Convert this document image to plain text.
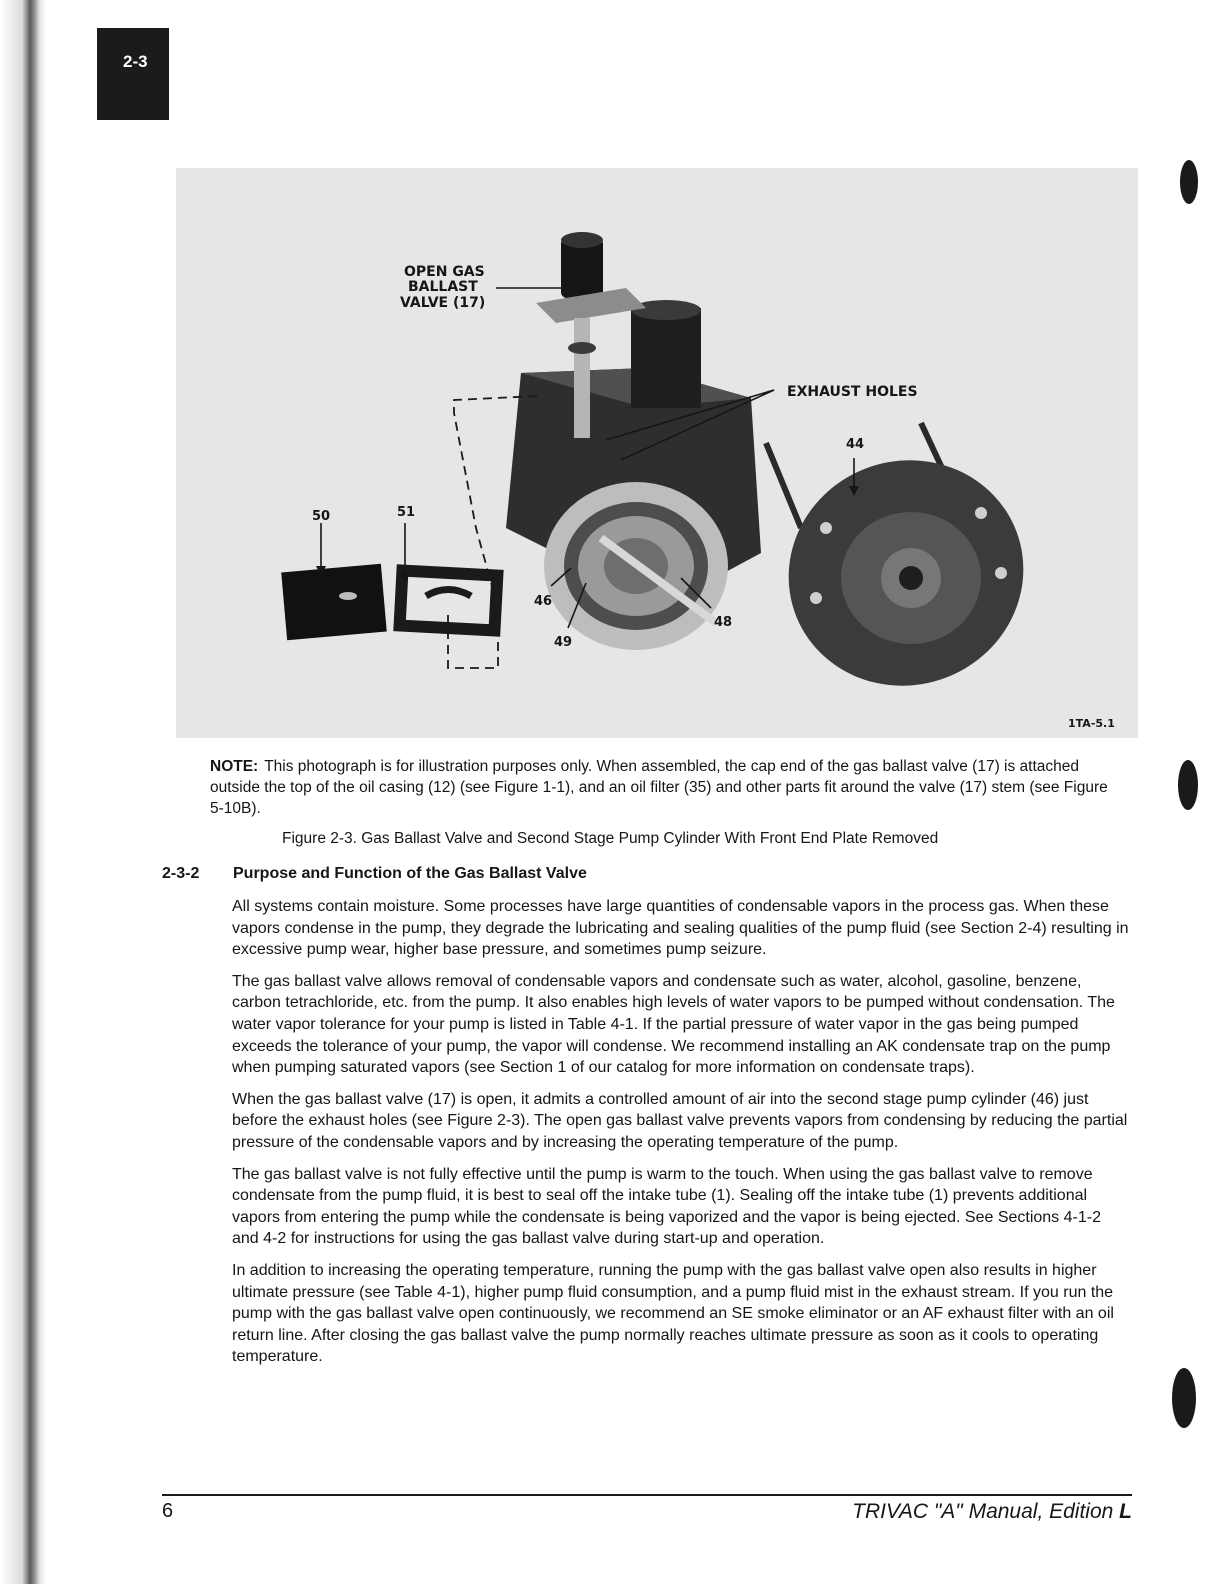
2-3
OPEN GAS
BALLAST
VALVE (17)
EXHAUST HOLES
44
50	51
46
48
49
1TA-5.1
NOTE: This photograph is for illustration purposes only. When assembled, the cap end of the gas ballast valve (17) is attached outside the top of the oil casing (12) (see Figure 1-1), and an oil filter (35) and other parts fit around the valve (17) stem (see Figure 5-10B).
Figure 2-3. Gas Ballast Valve and Second Stage Pump Cylinder With Front End Plate Removed
2-3-2 Purpose and Function of the Gas Ballast Valve

All systems contain moisture. Some processes have large quantities of condensable vapors in the process gas. When these vapors condense in the pump, they degrade the lubricating and sealing qualities of the pump fluid (see Section 2-4) resulting in excessive pump wear, higher base pressure, and sometimes pump seizure.

The gas ballast valve allows removal of condensable vapors and condensate such as water, alcohol, gasoline, benzene, carbon tetrachloride, etc. from the pump. It also enables high levels of water vapors to be pumped without condensation. The water vapor tolerance for your pump is listed in Table 4-1. If the partial pressure of water vapor in the gas being pumped exceeds the tolerance of your pump, the vapor will condense. We recommend installing an AK condensate trap on the pump when pumping saturated vapors (see Section 1 of our catalog for more information on condensate traps).

When the gas ballast valve (17) is open, it admits a controlled amount of air into the second stage pump cylinder (46) just before the exhaust holes (see Figure 2-3). The open gas ballast valve prevents vapors from condensing by reducing the partial pressure of the condensable vapors and by increasing the operating temperature of the pump.

The gas ballast valve is not fully effective until the pump is warm to the touch. When using the gas ballast valve to remove condensate from the pump fluid, it is best to seal off the intake tube (1). Sealing off the intake tube (1) prevents additional vapors from entering the pump while the condensate is being vaporized and the vapor is being ejected. See Sections 4-1-2 and 4-2 for instructions for using the gas ballast valve during start-up and operation.

In addition to increasing the operating temperature, running the pump with the gas ballast valve open also results in higher ultimate pressure (see Table 4-1), higher pump fluid consumption, and a pump fluid mist in the exhaust stream. If you run the pump with the gas ballast valve open continuously, we recommend an SE smoke eliminator or an AF exhaust filter with an oil return line. After closing the gas ballast valve the pump normally reaches ultimate pressure as soon as it cools to operating temperature.

6	TRIVAC "A" Manual, Edition L
